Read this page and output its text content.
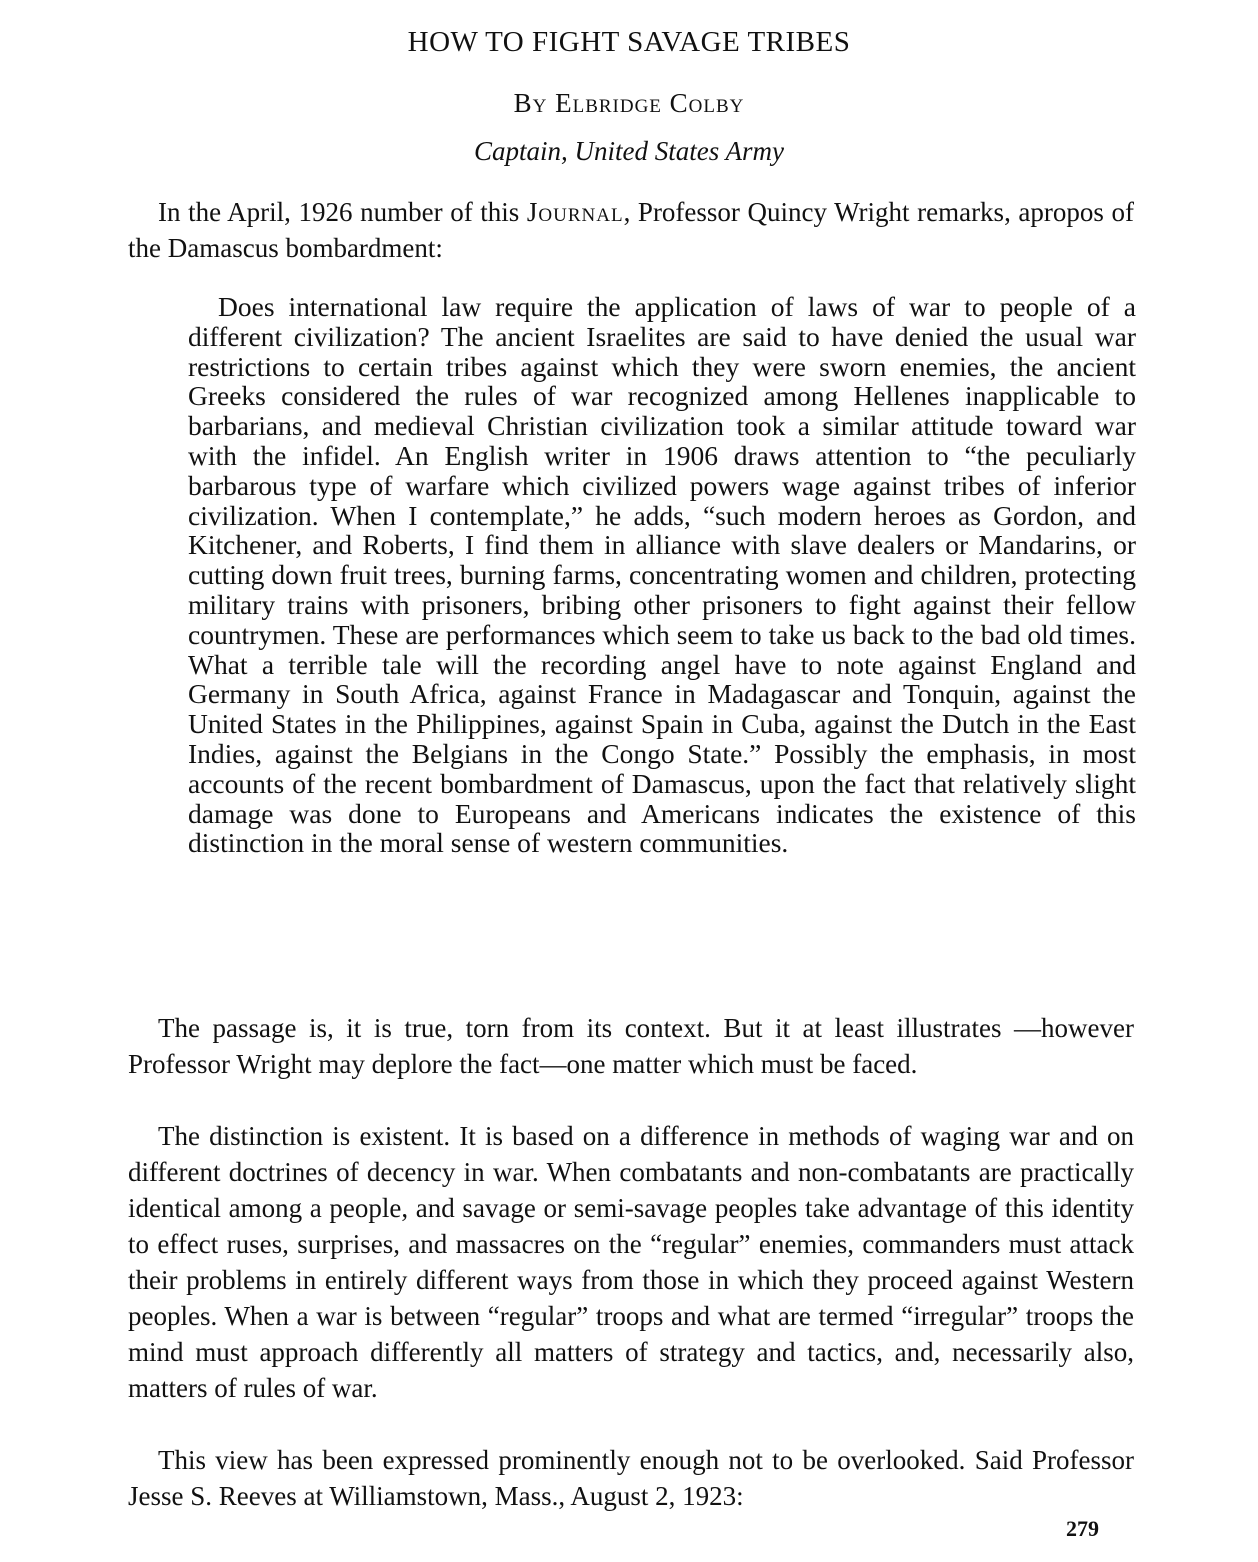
HOW TO FIGHT SAVAGE TRIBES

By Elbridge Colby

Captain, United States Army

In the April, 1926 number of this Journal, Professor Quincy Wright remarks, apropos of the Damascus bombardment:

Does international law require the application of laws of war to people of a different civilization? The ancient Israelites are said to have denied the usual war restrictions to certain tribes against which they were sworn enemies, the ancient Greeks considered the rules of war recognized among Hellenes inapplicable to barbarians, and medieval Christian civilization took a similar attitude toward war with the infidel. An English writer in 1906 draws attention to “the peculiarly barbarous type of warfare which civilized powers wage against tribes of inferior civilization. When I contemplate,” he adds, “such modern heroes as Gordon, and Kitchener, and Roberts, I find them in alliance with slave dealers or Mandarins, or cutting down fruit trees, burning farms, concentrating women and children, protecting military trains with prisoners, bribing other prisoners to fight against their fellow countrymen. These are performances which seem to take us back to the bad old times. What a terrible tale will the recording angel have to note against England and Germany in South Africa, against France in Madagascar and Tonquin, against the United States in the Philippines, against Spain in Cuba, against the Dutch in the East Indies, against the Belgians in the Congo State.” Possibly the emphasis, in most accounts of the recent bombardment of Damascus, upon the fact that relatively slight damage was done to Europeans and Americans indicates the existence of this distinction in the moral sense of western communities.

The passage is, it is true, torn from its context. But it at least illustrates —however Professor Wright may deplore the fact—one matter which must be faced.

The distinction is existent. It is based on a difference in methods of waging war and on different doctrines of decency in war. When combatants and non-combatants are practically identical among a people, and savage or semi-savage peoples take advantage of this identity to effect ruses, surprises, and massacres on the “regular” enemies, commanders must attack their problems in entirely different ways from those in which they proceed against Western peoples. When a war is between “regular” troops and what are termed “irregular” troops the mind must approach differently all matters of strategy and tactics, and, necessarily also, matters of rules of war.

This view has been expressed prominently enough not to be overlooked. Said Professor Jesse S. Reeves at Williamstown, Mass., August 2, 1923:

279
